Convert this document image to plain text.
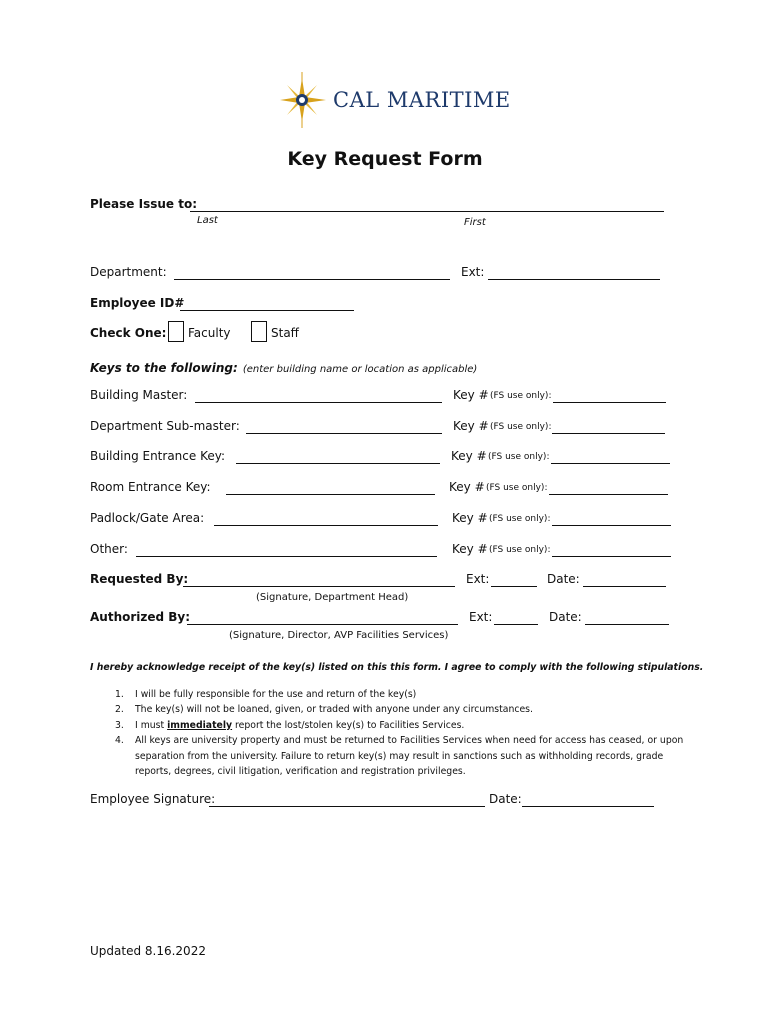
CAL MARITIME
Key Request Form
Please Issue to:
Last	First
Department:	Ext:
Employee ID#
Check One: Faculty	Staff
Keys to the following: (enter building name or location as applicable)
Building Master:	Key # (FS use only):
Department Sub-master:	Key # (FS use only):
Building Entrance Key:	Key # (FS use only):
Room Entrance Key:	Key # (FS use only):
Padlock/Gate Area:	Key # (FS use only):
Other:	Key # (FS use only):
Requested By:	Ext:	Date:
(Signature, Department Head)
Authorized By:	Ext:	Date:
(Signature, Director, AVP Facilities Services)
I hereby acknowledge receipt of the key(s) listed on this this form. I agree to comply with the following stipulations.
1. I will be fully responsible for the use and return of the key(s)
2. The key(s) will not be loaned, given, or traded with anyone under any circumstances.
3. I must immediately report the lost/stolen key(s) to Facilities Services.
4. All keys are university property and must be returned to Facilities Services when need for access has ceased, or upon
separation from the university. Failure to return key(s) may result in sanctions such as withholding records, grade
reports, degrees, civil litigation, verification and registration privileges.
Employee Signature:	Date:
Updated 8.16.2022
